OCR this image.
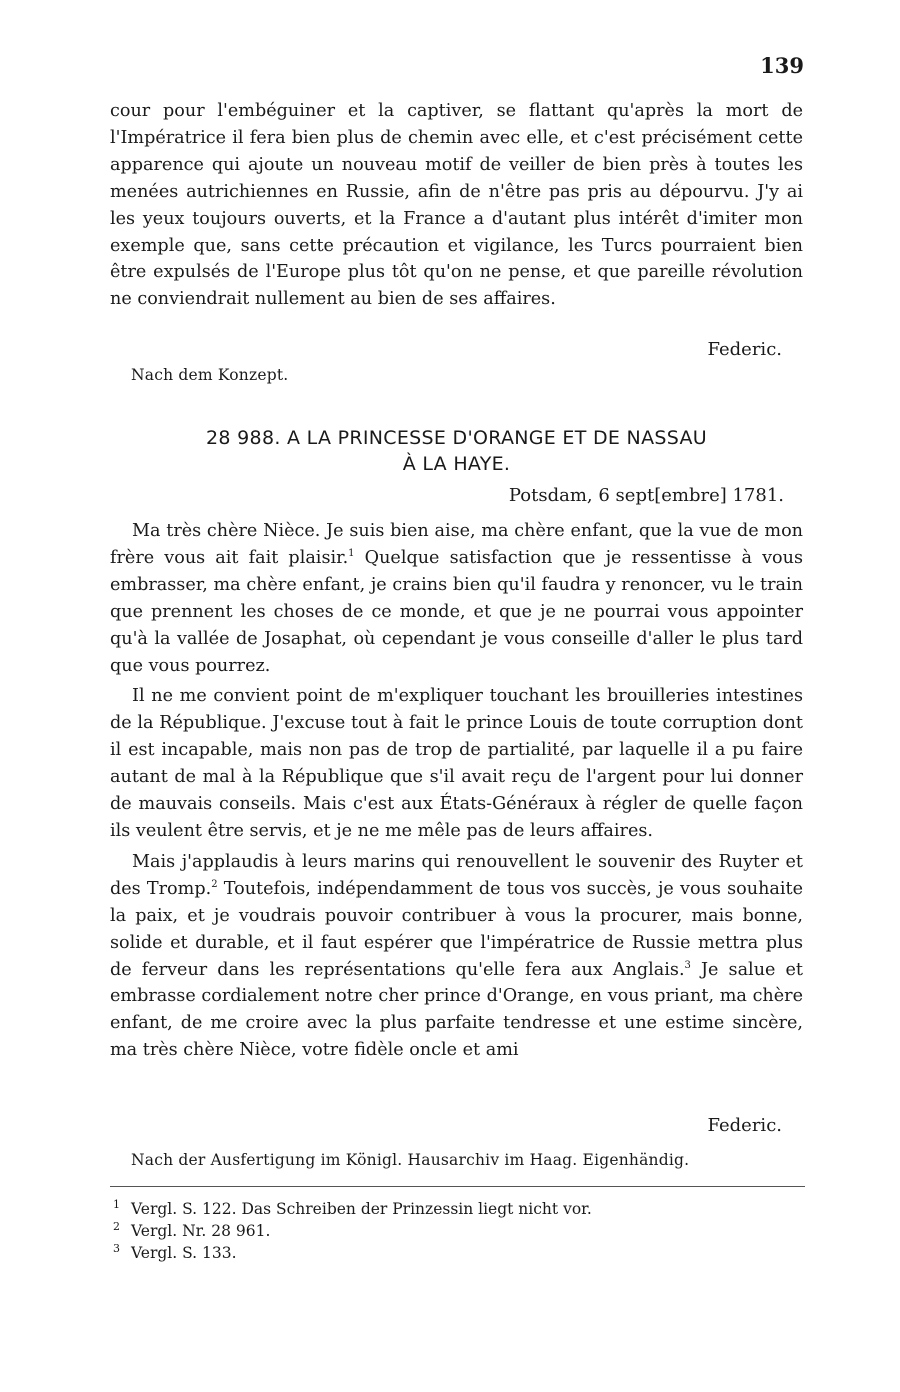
139

cour pour l'embéguiner et la captiver, se flattant qu'après la mort de l'Impératrice il fera bien plus de chemin avec elle, et c'est précisément cette apparence qui ajoute un nouveau motif de veiller de bien près à toutes les menées autrichiennes en Russie, afin de n'être pas pris au dépourvu. J'y ai les yeux toujours ouverts, et la France a d'autant plus intérêt d'imiter mon exemple que, sans cette précaution et vigilance, les Turcs pourraient bien être expulsés de l'Europe plus tôt qu'on ne pense, et que pareille révolution ne conviendrait nullement au bien de ses affaires.

Federic.
Nach dem Konzept.
28 988. A LA PRINCESSE D'ORANGE ET DE NASSAU
À LA HAYE.
Potsdam, 6 sept[embre] 1781.

Ma très chère Nièce. Je suis bien aise, ma chère enfant, que la vue de mon frère vous ait fait plaisir.$^1$ Quelque satisfaction que je ressentisse à vous embrasser, ma chère enfant, je crains bien qu'il faudra y renoncer, vu le train que prennent les choses de ce monde, et que je ne pourrai vous appointer qu'à la vallée de Josaphat, où cependant je vous conseille d'aller le plus tard que vous pourrez.

Il ne me convient point de m'expliquer touchant les brouilleries intestines de la République. J'excuse tout à fait le prince Louis de toute corruption dont il est incapable, mais non pas de trop de partialité, par laquelle il a pu faire autant de mal à la République que s'il avait reçu de l'argent pour lui donner de mauvais conseils. Mais c'est aux États-Généraux à régler de quelle façon ils veulent être servis, et je ne me mêle pas de leurs affaires.

Mais j'applaudis à leurs marins qui renouvellent le souvenir des Ruyter et des Tromp.$^2$ Toutefois, indépendamment de tous vos succès, je vous souhaite la paix, et je voudrais pouvoir contribuer à vous la procurer, mais bonne, solide et durable, et il faut espérer que l'impératrice de Russie mettra plus de ferveur dans les représentations qu'elle fera aux Anglais.$^3$ Je salue et embrasse cordialement notre cher prince d'Orange, en vous priant, ma chère enfant, de me croire avec la plus parfaite tendresse et une estime sincère, ma très chère Nièce, votre fidèle oncle et ami

Federic.
Nach der Ausfertigung im Königl. Hausarchiv im Haag. Eigenhändig.
1 Vergl. S. 122. Das Schreiben der Prinzessin liegt nicht vor.
2 Vergl. Nr. 28 961.
3 Vergl. S. 133.
